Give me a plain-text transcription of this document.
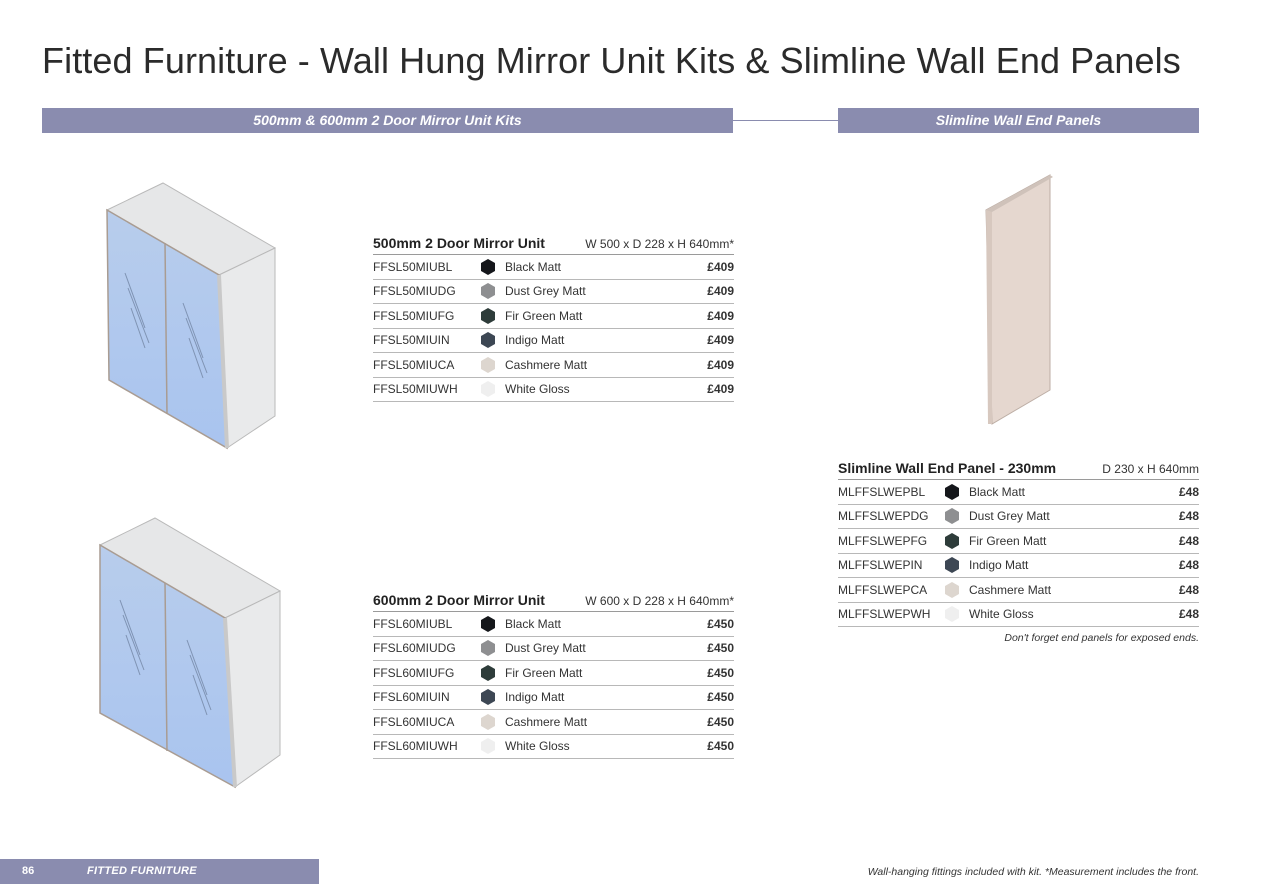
Fitted Furniture - Wall Hung Mirror Unit Kits & Slimline Wall End Panels
500mm & 600mm 2 Door Mirror Unit Kits	Slimline Wall End Panels
500mm 2 Door Mirror Unit	W 500 x D 228 x H 640mm*
FFSL50MIUBL	Black Matt	£409
FFSL50MIUDG	Dust Grey Matt	£409
FFSL50MIUFG	Fir Green Matt	£409
FFSL50MIUIN	Indigo Matt	£409
FFSL50MIUCA	Cashmere Matt	£409
FFSL50MIUWH	White Gloss	£409
600mm 2 Door Mirror Unit	W 600 x D 228 x H 640mm*
FFSL60MIUBL	Black Matt	£450
FFSL60MIUDG	Dust Grey Matt	£450
FFSL60MIUFG	Fir Green Matt	£450
FFSL60MIUIN	Indigo Matt	£450
FFSL60MIUCA	Cashmere Matt	£450
FFSL60MIUWH	White Gloss	£450
Slimline Wall End Panel - 230mm	D 230 x H 640mm
MLFFSLWEPBL	Black Matt	£48
MLFFSLWEPDG	Dust Grey Matt	£48
MLFFSLWEPFG	Fir Green Matt	£48
MLFFSLWEPIN	Indigo Matt	£48
MLFFSLWEPCA	Cashmere Matt	£48
MLFFSLWEPWH	White Gloss	£48
Don't forget end panels for exposed ends.
Wall-hanging fittings included with kit. *Measurement includes the front.
86	FITTED FURNITURE
